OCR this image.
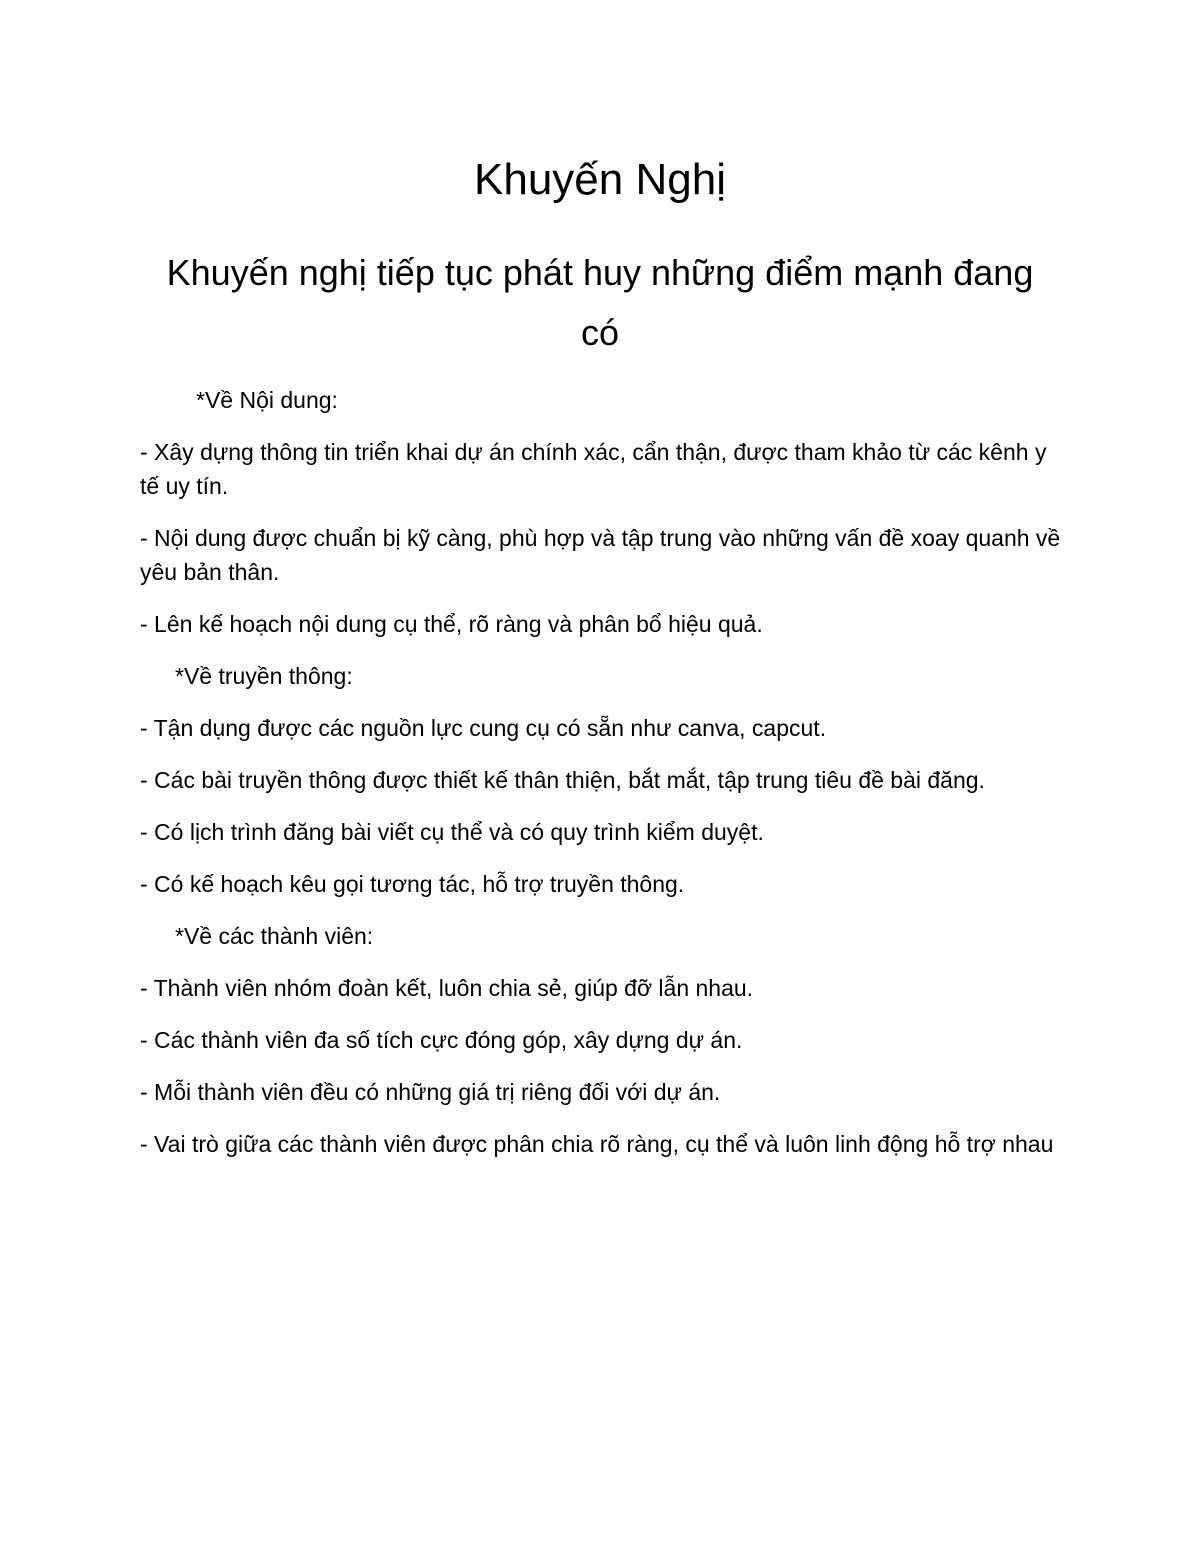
Khuyến Nghị
Khuyến nghị tiếp tục phát huy những điểm mạnh đang có

*Về Nội dung:

- Xây dựng thông tin triển khai dự án chính xác, cẩn thận, được tham khảo từ các kênh y tế uy tín.

- Nội dung được chuẩn bị kỹ càng, phù hợp và tập trung vào những vấn đề xoay quanh về yêu bản thân.

- Lên kế hoạch nội dung cụ thể, rõ ràng và phân bổ hiệu quả.

*Về truyền thông:

- Tận dụng được các nguồn lực cung cụ có sẵn như canva, capcut.

- Các bài truyền thông được thiết kế thân thiện, bắt mắt, tập trung tiêu đề bài đăng.

- Có lịch trình đăng bài viết cụ thể và có quy trình kiểm duyệt.

- Có kế hoạch kêu gọi tương tác, hỗ trợ truyền thông.

*Về các thành viên:

- Thành viên nhóm đoàn kết, luôn chia sẻ, giúp đỡ lẫn nhau.

- Các thành viên đa số tích cực đóng góp, xây dựng dự án.

- Mỗi thành viên đều có những giá trị riêng đối với dự án.

- Vai trò giữa các thành viên được phân chia rõ ràng, cụ thể và luôn linh động hỗ trợ nhau
